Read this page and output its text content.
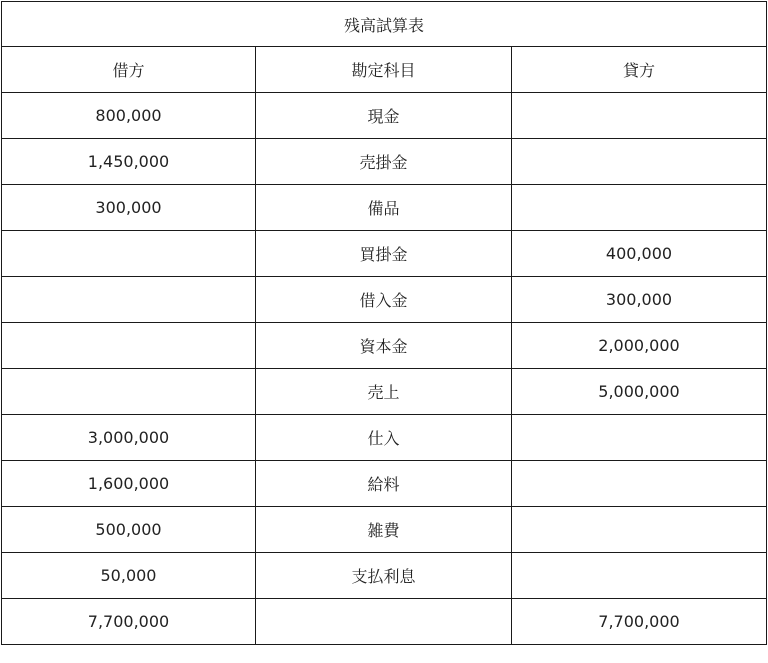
残高試算表		
借方	勘定科目	貸方
800,000	現金	
1,450,000	売掛金	
300,000	備品	
	買掛金	400,000
	借入金	300,000
	資本金	2,000,000
	売上	5,000,000
3,000,000	仕入	
1,600,000	給料	
500,000	雑費	
50,000	支払利息	
7,700,000		7,700,000
